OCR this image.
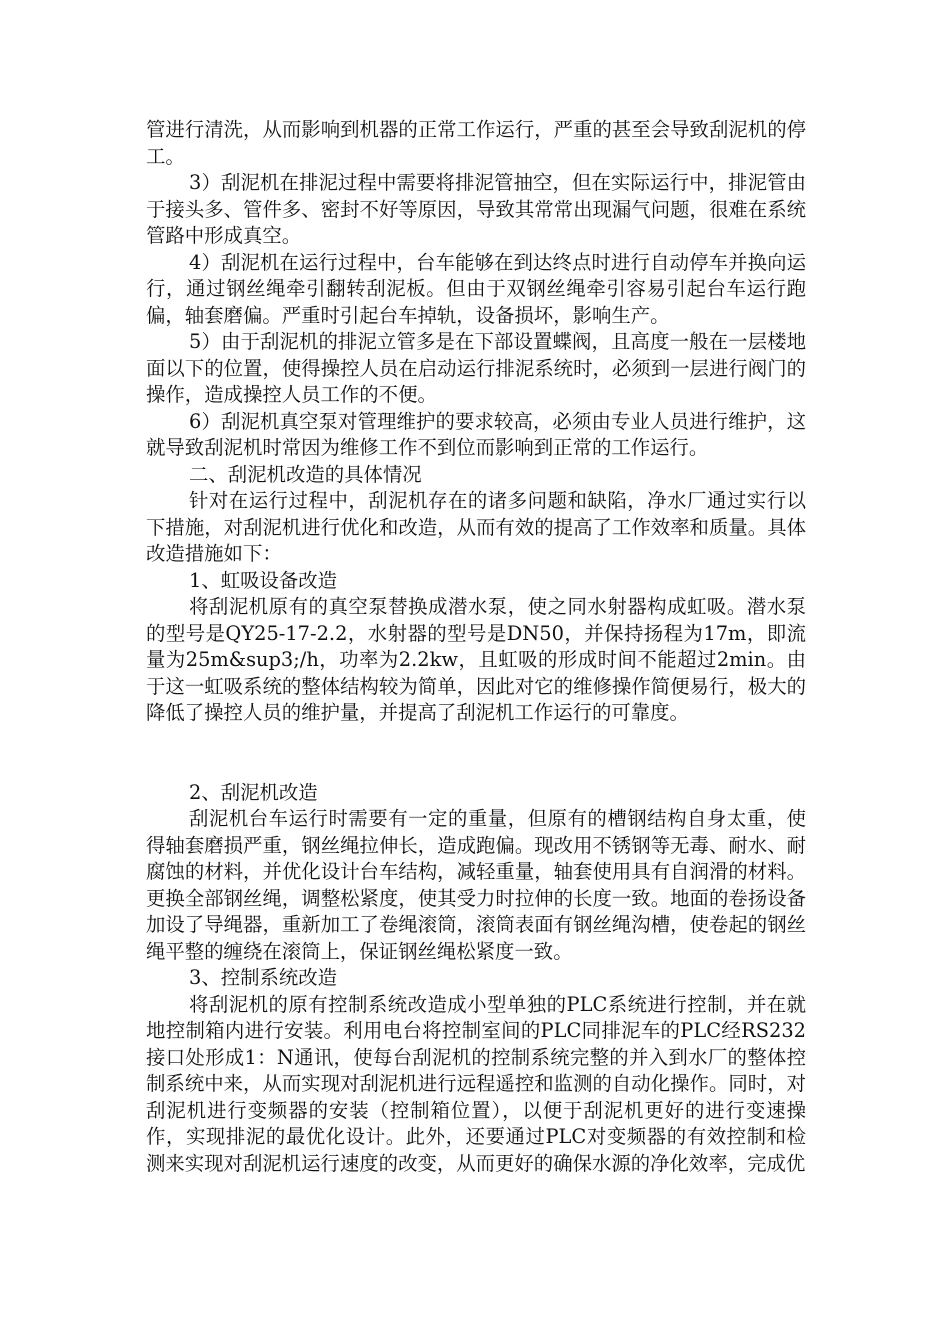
管进行清洗，从而影响到机器的正常工作运行，严重的甚至会导致刮泥机的停工。

3）刮泥机在排泥过程中需要将排泥管抽空，但在实际运行中，排泥管由于接头多、管件多、密封不好等原因，导致其常常出现漏气问题，很难在系统管路中形成真空。

4）刮泥机在运行过程中，台车能够在到达终点时进行自动停车并换向运行，通过钢丝绳牵引翻转刮泥板。但由于双钢丝绳牵引容易引起台车运行跑偏，轴套磨偏。严重时引起台车掉轨，设备损坏，影响生产。

5）由于刮泥机的排泥立管多是在下部设置蝶阀，且高度一般在一层楼地面以下的位置，使得操控人员在启动运行排泥系统时，必须到一层进行阀门的操作，造成操控人员工作的不便。

6）刮泥机真空泵对管理维护的要求较高，必须由专业人员进行维护，这就导致刮泥机时常因为维修工作不到位而影响到正常的工作运行。

二、刮泥机改造的具体情况

针对在运行过程中，刮泥机存在的诸多问题和缺陷，净水厂通过实行以下措施，对刮泥机进行优化和改造，从而有效的提高了工作效率和质量。具体改造措施如下：

1、虹吸设备改造

将刮泥机原有的真空泵替换成潜水泵，使之同水射器构成虹吸。潜水泵的型号是QY25-17-2.2，水射器的型号是DN50，并保持扬程为17m，即流量为25m&sup3;/h，功率为2.2kw，且虹吸的形成时间不能超过2min。由于这一虹吸系统的整体结构较为简单，因此对它的维修操作简便易行，极大的降低了操控人员的维护量，并提高了刮泥机工作运行的可靠度。

2、刮泥机改造

刮泥机台车运行时需要有一定的重量，但原有的槽钢结构自身太重，使得轴套磨损严重，钢丝绳拉伸长，造成跑偏。现改用不锈钢等无毒、耐水、耐腐蚀的材料，并优化设计台车结构，减轻重量，轴套使用具有自润滑的材料。更换全部钢丝绳，调整松紧度，使其受力时拉伸的长度一致。地面的卷扬设备加设了导绳器，重新加工了卷绳滚筒，滚筒表面有钢丝绳沟槽，使卷起的钢丝绳平整的缠绕在滚筒上，保证钢丝绳松紧度一致。

3、控制系统改造

将刮泥机的原有控制系统改造成小型单独的PLC系统进行控制，并在就地控制箱内进行安装。利用电台将控制室间的PLC同排泥车的PLC经RS232接口处形成1：N通讯，使每台刮泥机的控制系统完整的并入到水厂的整体控制系统中来，从而实现对刮泥机进行远程遥控和监测的自动化操作。同时，对刮泥机进行变频器的安装（控制箱位置），以便于刮泥机更好的进行变速操作，实现排泥的最优化设计。此外，还要通过PLC对变频器的有效控制和检测来实现对刮泥机运行速度的改变，从而更好的确保水源的净化效率，完成优
